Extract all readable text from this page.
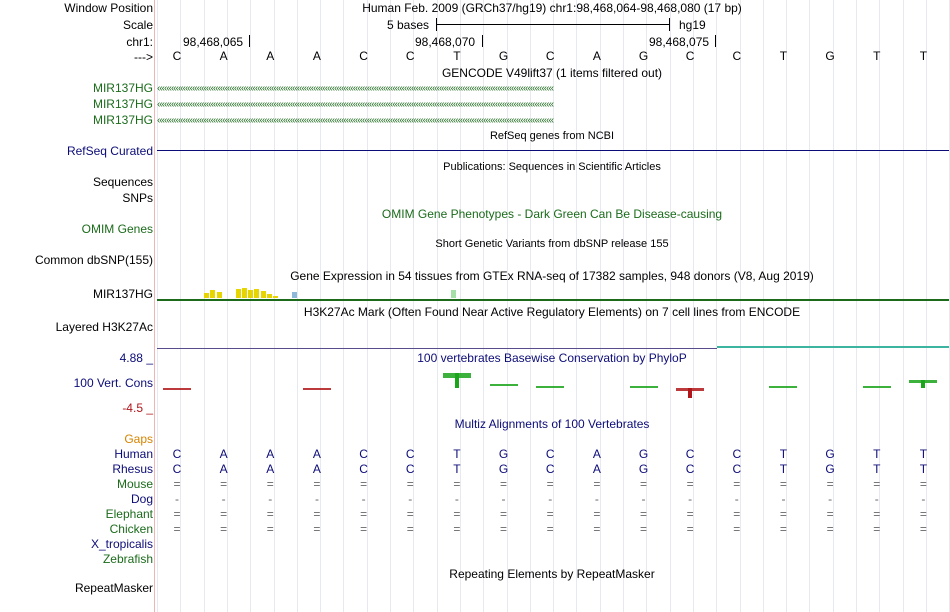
Window Position	Human Feb. 2009 (GRCh37/hg19) chr1:98,468,064-98,468,080 (17 bp)
Scale	5 bases	hg19
chr1:	98,468,065	98,468,070	98,468,075
--->	C	A	A	A	C	C	T	G	C	A	G	C	C	T	G	T	T
GENCODE V49lift37 (1 items filtered out)
MIR137HG ‹‹‹‹‹‹‹‹‹‹‹‹‹‹‹‹‹‹‹‹‹‹‹‹‹‹‹‹‹‹‹‹‹‹‹‹‹‹‹‹‹‹‹‹‹‹‹‹‹‹‹‹‹‹‹‹‹‹‹‹‹‹‹‹‹‹‹‹‹‹‹‹‹‹‹‹‹‹‹‹‹‹‹‹‹‹‹‹‹‹‹‹‹‹‹‹‹‹‹‹‹‹‹‹‹‹‹‹‹‹‹‹‹‹‹‹‹‹‹‹‹‹‹‹‹‹‹‹‹‹‹‹‹‹‹‹‹‹‹‹‹‹‹‹‹‹‹‹‹‹‹‹‹‹‹‹‹‹‹‹‹‹‹‹‹‹‹‹‹‹
MIR137HG ‹‹‹‹‹‹‹‹‹‹‹‹‹‹‹‹‹‹‹‹‹‹‹‹‹‹‹‹‹‹‹‹‹‹‹‹‹‹‹‹‹‹‹‹‹‹‹‹‹‹‹‹‹‹‹‹‹‹‹‹‹‹‹‹‹‹‹‹‹‹‹‹‹‹‹‹‹‹‹‹‹‹‹‹‹‹‹‹‹‹‹‹‹‹‹‹‹‹‹‹‹‹‹‹‹‹‹‹‹‹‹‹‹‹‹‹‹‹‹‹‹‹‹‹‹‹‹‹‹‹‹‹‹‹‹‹‹‹‹‹‹‹‹‹‹‹‹‹‹‹‹‹‹‹‹‹‹‹‹‹‹‹‹‹‹‹‹‹‹‹
MIR137HG ‹‹‹‹‹‹‹‹‹‹‹‹‹‹‹‹‹‹‹‹‹‹‹‹‹‹‹‹‹‹‹‹‹‹‹‹‹‹‹‹‹‹‹‹‹‹‹‹‹‹‹‹‹‹‹‹‹‹‹‹‹‹‹‹‹‹‹‹‹‹‹‹‹‹‹‹‹‹‹‹‹‹‹‹‹‹‹‹‹‹‹‹‹‹‹‹‹‹‹‹‹‹‹‹‹‹‹‹‹‹‹‹‹‹‹‹‹‹‹‹‹‹‹‹‹‹‹‹‹‹‹‹‹‹‹‹‹‹‹‹‹‹‹‹‹‹‹‹‹‹‹‹‹‹‹‹‹‹‹‹‹‹‹‹‹‹‹‹‹‹
RefSeq genes from NCBI
RefSeq Curated
Publications: Sequences in Scientific Articles
Sequences
SNPs
OMIM Gene Phenotypes - Dark Green Can Be Disease-causing
OMIM Genes
Short Genetic Variants from dbSNP release 155
Common dbSNP(155)
Gene Expression in 54 tissues from GTEx RNA-seq of 17382 samples, 948 donors (V8, Aug 2019)
MIR137HG
H3K27Ac Mark (Often Found Near Active Regulatory Elements) on 7 cell lines from ENCODE
Layered H3K27Ac
4.88 _	100 vertebrates Basewise Conservation by PhyloP
100 Vert. Cons
-4.5 _
Multiz Alignments of 100 Vertebrates
Gaps
Human	C	A	A	A	C	C	T	G	C	A	G	C	C	T	G	T	T
Rhesus	C	A	A	A	C	C	T	G	C	A	G	C	C	T	G	T	T
Mouse	=	=	=	=	=	=	=	=	=	=	=	=	=	=	=	=	=
Dog	-	-	-	-	-	-	-	-	-	-	-	-	-	-	-	-	-
Elephant	=	=	=	=	=	=	=	=	=	=	=	=	=	=	=	=	=
Chicken	=	=	=	=	=	=	=	=	=	=	=	=	=	=	=	=	=
X_tropicalis
Zebrafish
Repeating Elements by RepeatMasker
RepeatMasker
